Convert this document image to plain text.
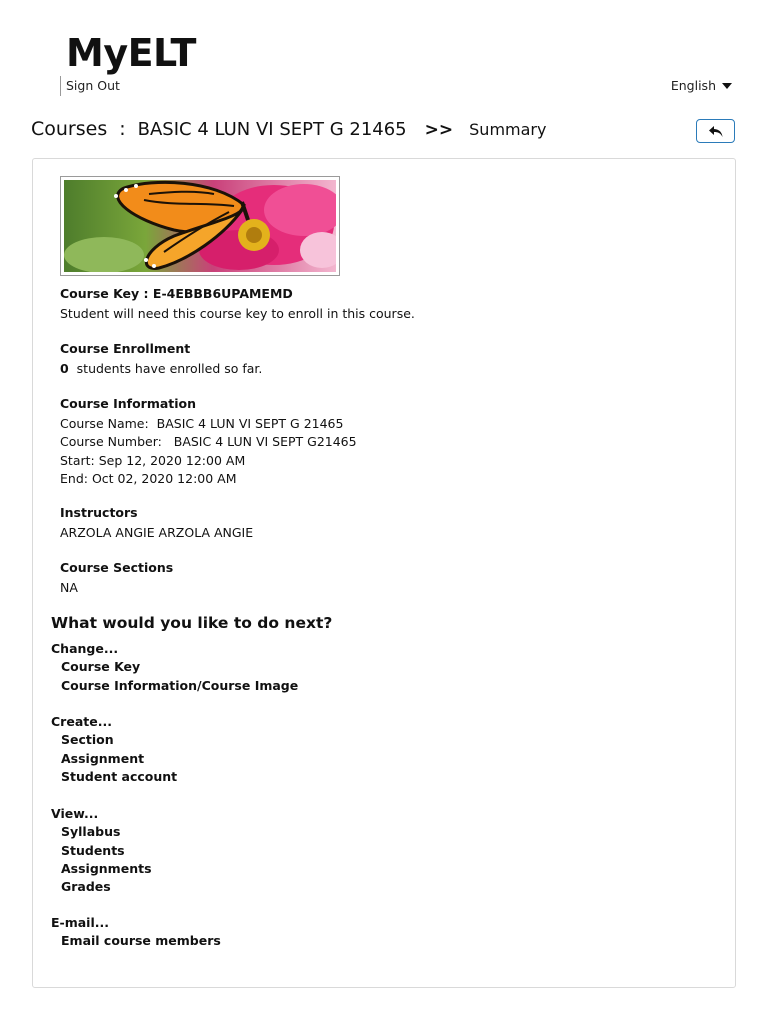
MyELT
Sign Out	English
Courses : BASIC 4 LUN VI SEPT G 21465 >> Summary
Course Key : E-4EBBB6UPAMEMD
Student will need this course key to enroll in this course.
Course Enrollment
0 students have enrolled so far.
Course Information
Course Name: BASIC 4 LUN VI SEPT G 21465
Course Number: BASIC 4 LUN VI SEPT G21465
Start: Sep 12, 2020 12:00 AM
End: Oct 02, 2020 12:00 AM
Instructors
ARZOLA ANGIE ARZOLA ANGIE
Course Sections
NA
What would you like to do next?
Change...
Course Key
Course Information/Course Image
Create...
Section
Assignment
Student account
View...
Syllabus
Students
Assignments
Grades
E-mail...
Email course members
